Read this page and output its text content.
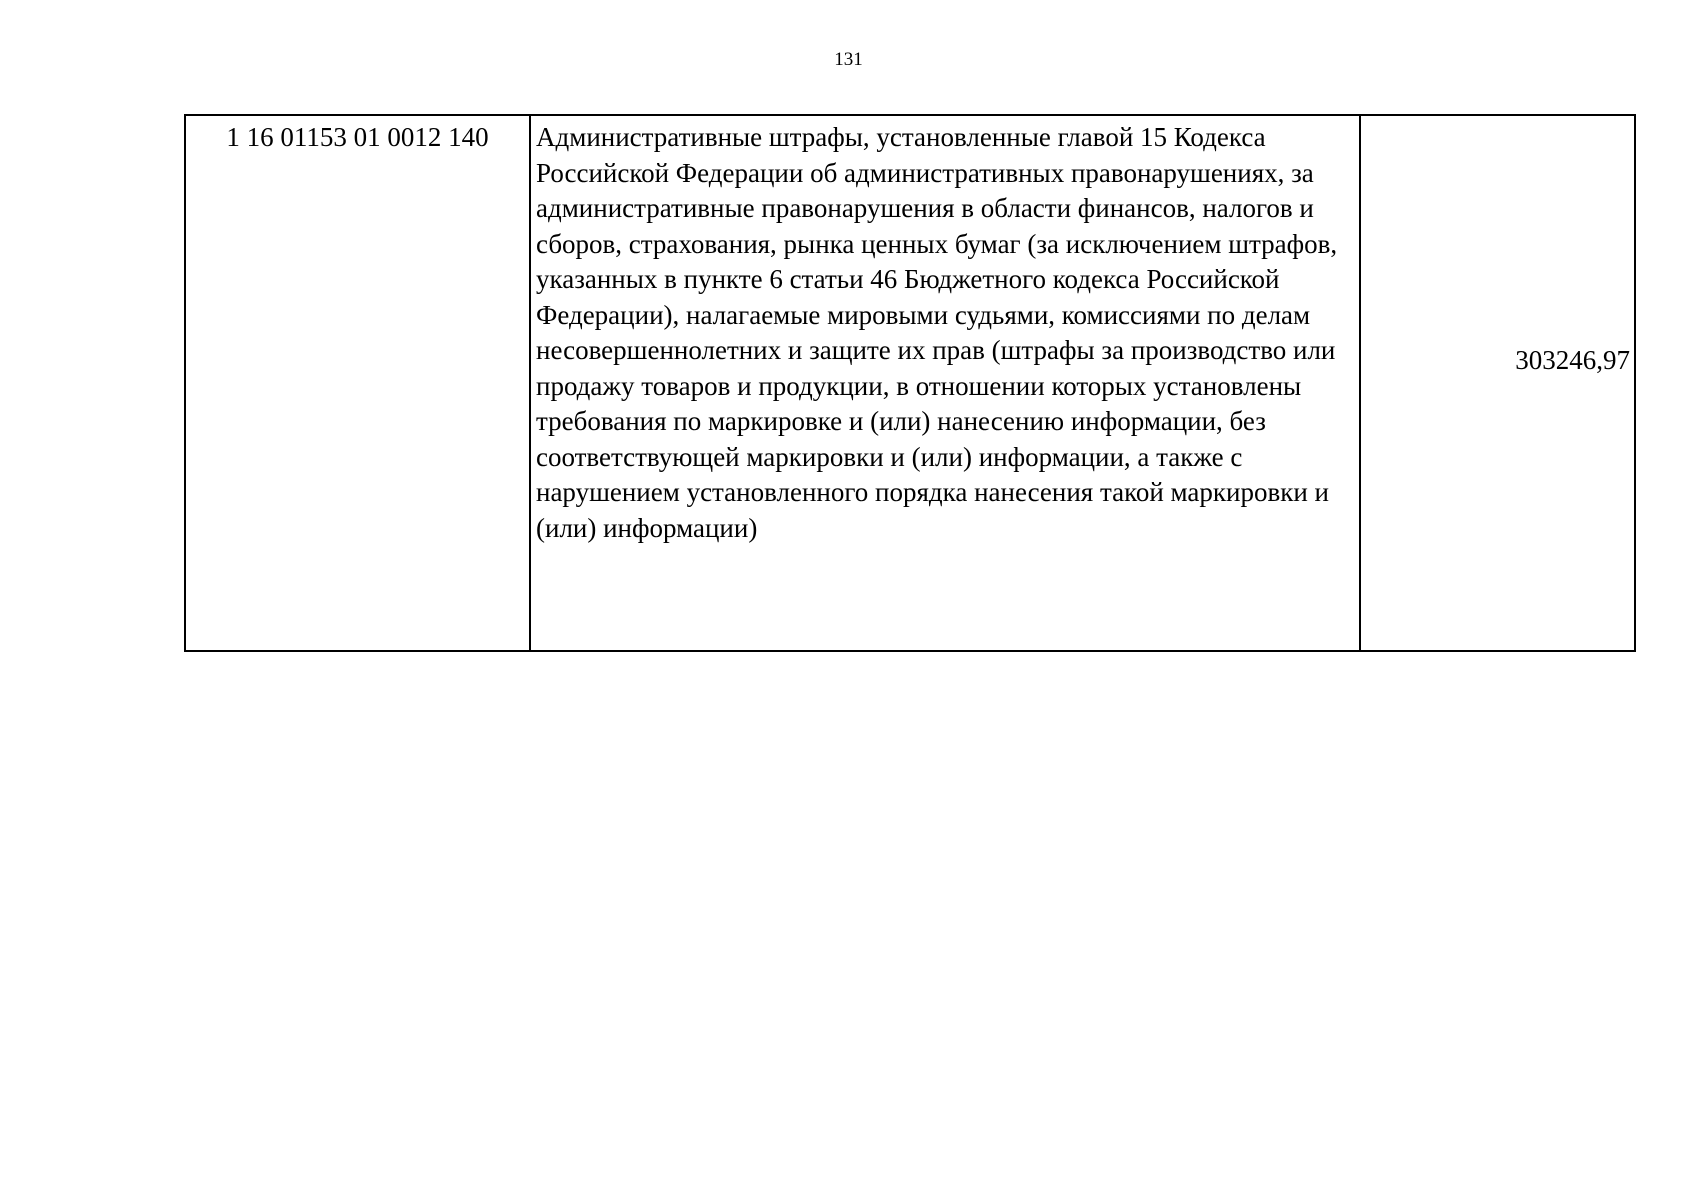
131
1 16 01153 01 0012 140	Административные штрафы, установленные главой 15 Кодекса Российской Федерации об административных правонарушениях, за административные правонарушения в области финансов, налогов и сборов, страхования, рынка ценных бумаг (за исключением штрафов, указанных в пункте 6 статьи 46 Бюджетного кодекса Российской Федерации), налагаемые мировыми судьями, комиссиями по делам несовершеннолетних и защите их прав (штрафы за производство или продажу товаров и продукции, в отношении которых установлены требования по маркировке и (или) нанесению информации, без соответствующей маркировки и (или) информации, а также с нарушением установленного порядка нанесения такой маркировки и (или) информации)	303246,97
